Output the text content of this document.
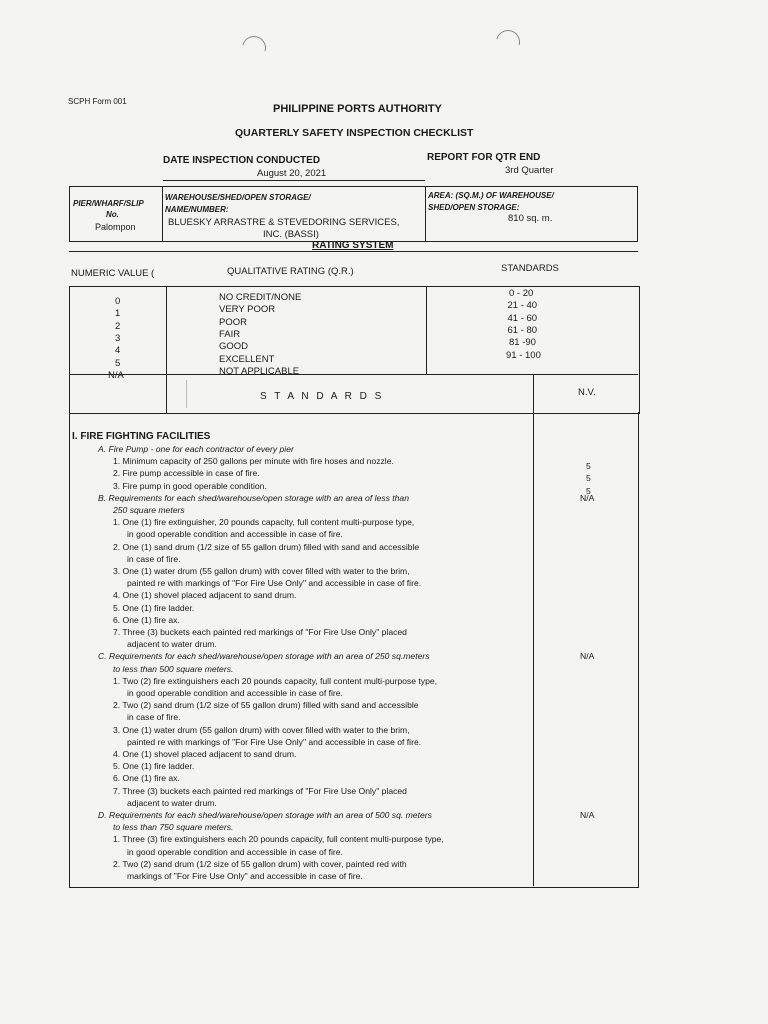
SCPH Form 001
PHILIPPINE PORTS AUTHORITY
QUARTERLY SAFETY INSPECTION CHECKLIST
DATE INSPECTION CONDUCTED
August 20, 2021
REPORT FOR QTR END
3rd Quarter
PIER/WHARF/SLIP
No.
Palompon
WAREHOUSE/SHED/OPEN STORAGE/
NAME/NUMBER:
BLUESKY ARRASTRE & STEVEDORING SERVICES,
INC. (BASSI)
AREA: (SQ.M.) OF WAREHOUSE/
SHED/OPEN STORAGE:
810 sq. m.
RATING SYSTEM
NUMERIC VALUE (	QUALITATIVE RATING (Q.R.)	STANDARDS
0	NO CREDIT/NONE	0 - 20
1	VERY POOR	21 - 40
2	POOR	41 - 60
3	FAIR	61 - 80
4	GOOD	81 -90
5	EXCELLENT	91 - 100
N/A	NOT APPLICABLE
S T A N D A R D S	N.V.
I. FIRE FIGHTING FACILITIES
A. Fire Pump - one for each contractor of every pier
1. Minimum capacity of 250 gallons per minute with fire hoses and nozzle.	5
2. Fire pump accessible in case of fire.	5
3. Fire pump in good operable condition.	5
B. Requirements for each shed/warehouse/open storage with an area of less than	N/A
250 square meters
1. One (1) fire extinguisher, 20 pounds capacity, full content multi-purpose type,
in good operable condition and accessible in case of fire.
2. One (1) sand drum (1/2 size of 55 gallon drum) filled with sand and accessible
in case of fire.
3. One (1) water drum (55 gallon drum) with cover filled with water to the brim,
painted re with markings of "For Fire Use Only" and accessible in case of fire.
4. One (1) shovel placed adjacent to sand drum.
5. One (1) fire ladder.
6. One (1) fire ax.
7. Three (3) buckets each painted red markings of "For Fire Use Only" placed
adjacent to water drum.
C. Requirements for each shed/warehouse/open storage with an area of 250 sq.meters	N/A
to less than 500 square meters.
1. Two (2) fire extinguishers each 20 pounds capacity, full content multi-purpose type,
in good operable condition and accessible in case of fire.
2. Two (2) sand drum (1/2 size of 55 gallon drum) filled with sand and accessible
in case of fire.
3. One (1) water drum (55 gallon drum) with cover filled with water to the brim,
painted re with markings of "For Fire Use Only" and accessible in case of fire.
4. One (1) shovel placed adjacent to sand drum.
5. One (1) fire ladder.
6. One (1) fire ax.
7. Three (3) buckets each painted red markings of "For Fire Use Only" placed
adjacent to water drum.
D. Requirements for each shed/warehouse/open storage with an area of 500 sq. meters	N/A
to less than 750 square meters.
1. Three (3) fire extinguishers each 20 pounds capacity, full content multi-purpose type,
in good operable condition and accessible in case of fire.
2. Two (2) sand drum (1/2 size of 55 gallon drum) with cover, painted red with
markings of "For Fire Use Only" and accessible in case of fire.
